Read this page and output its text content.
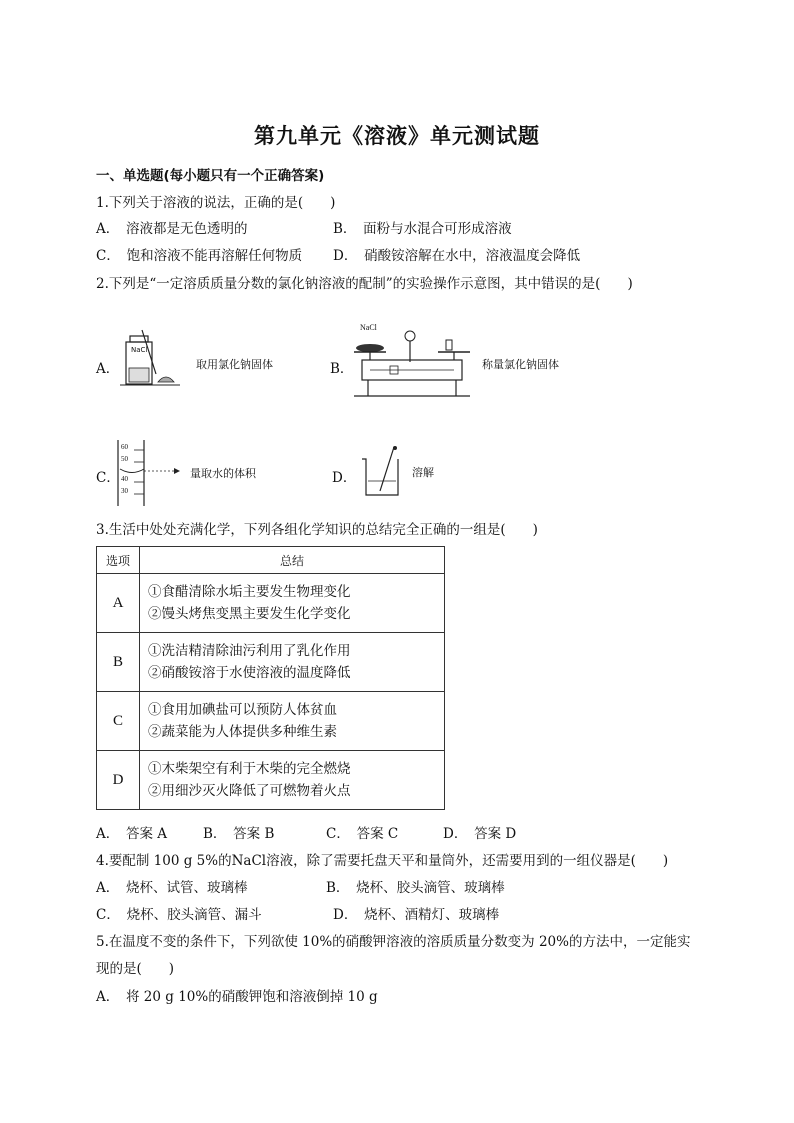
第九单元《溶液》单元测试题
一、单选题(每小题只有一个正确答案)
1.下列关于溶液的说法，正确的是(　　)
A．　溶液都是无色透明的	B．　面粉与水混合可形成溶液
C．　饱和溶液不能再溶解任何物质 D．　硝酸铵溶解在水中，溶液温度会降低
2.下列是“一定溶质质量分数的氯化钠溶液的配制”的实验操作示意图，其中错误的是(　　)
A．
NaCl
取用氯化钠固体	B．
NaCl
称量氯化钠固体
C．
60
50
40
30
量取水的体积	D．	溶解
3.生活中处处充满化学，下列各组化学知识的总结完全正确的一组是(　　)
选项	总结
A	①食醋清除水垢主要发生物理变化
②馒头烤焦变黑主要发生化学变化

B	①洗洁精清除油污利用了乳化作用
②硝酸铵溶于水使溶液的温度降低

C	①食用加碘盐可以预防人体贫血
②蔬菜能为人体提供多种维生素

D	①木柴架空有利于木柴的完全燃烧
②用细沙灭火降低了可燃物着火点
A．　答案 A	B．　答案 B	C．　答案 C	D．　答案 D
4.要配制 100 g 5%的NaCl溶液，除了需要托盘天平和量筒外，还需要用到的一组仪器是(　　)
A．　烧杯、试管、玻璃棒	B．　烧杯、胶头滴管、玻璃棒
C．　烧杯、胶头滴管、漏斗	D．　烧杯、酒精灯、玻璃棒
5.在温度不变的条件下，下列欲使 10%的硝酸钾溶液的溶质质量分数变为 20%的方法中，一定能实
现的是(　　)
A．　将 20 g 10%的硝酸钾饱和溶液倒掉 10 g
